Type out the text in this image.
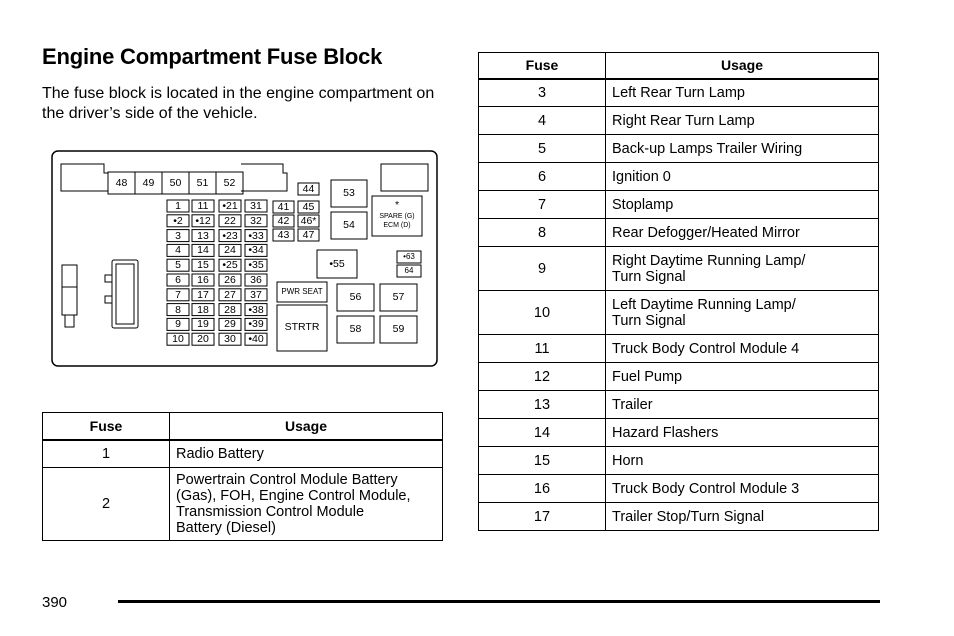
Engine Compartment Fuse Block
The fuse block is located in the engine compartment on the driver’s side of the vehicle.
48	49	50	51	52
1
•2
3
4
5
6
7
8
9
10
11
•12
13
14
15
16
17
18
19
20
•21
22
•23
24
•25
26
27
28
29
30
31
32
•33
•34
•35
36
37
•38
•39
•40
41
42
43
44
45
46*
47
53
54
*
SPARE (G)
ECM (D)
•55
•63
64
PWR SEAT
STRTR
56	57
58	59
Fuse	Usage
1	Radio Battery
2	Powertrain Control Module Battery
(Gas), FOH, Engine Control Module,
Transmission Control Module
Battery (Diesel)
Fuse	Usage
3	Left Rear Turn Lamp

4	Right Rear Turn Lamp

5	Back-up Lamps Trailer Wiring

6	Ignition 0

7	Stoplamp

8	Rear Defogger/Heated Mirror

9	Right Daytime Running Lamp/
Turn Signal

10	Left Daytime Running Lamp/
Turn Signal

11	Truck Body Control Module 4

12	Fuel Pump

13	Trailer

14	Hazard Flashers

15	Horn

16	Truck Body Control Module 3

17	Trailer Stop/Turn Signal
390
